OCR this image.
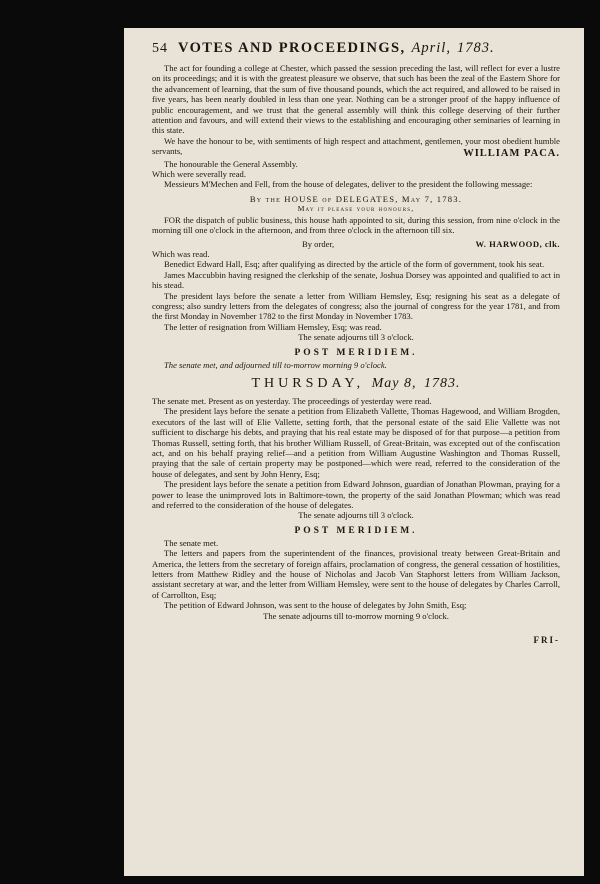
54 VOTES AND PROCEEDINGS, April, 1783.

The act for founding a college at Chester, which passed the session preceding the last, will reflect for ever a lustre on its proceedings; and it is with the greatest pleasure we observe, that such has been the zeal of the Eastern Shore for the advancement of learning, that the sum of five thousand pounds, which the act required, and allowed to be raised in five years, has been nearly doubled in less than one year. Nothing can be a stronger proof of the happy influence of public encouragement, and we trust that the general assembly will think this college deserving of their further attention and favours, and will extend their views to the establishing and encouraging other seminaries of learning in this state.

We have the honour to be, with sentiments of high respect and attachment, gentlemen, your most obedient humble servants,	WILLIAM PACA.

The honourable the General Assembly.

Which were severally read.

Messieurs M'Mechen and Fell, from the house of delegates, deliver to the president the following message:

By the HOUSE of DELEGATES, May 7, 1783.
May it please your honours,

FOR the dispatch of public business, this house hath appointed to sit, during this session, from nine o'clock in the morning till one o'clock in the afternoon, and from three o'clock in the afternoon till six.

By order,	W. HARWOOD, clk.

Which was read.

Benedict Edward Hall, Esq; after qualifying as directed by the article of the form of government, took his seat.

James Maccubbin having resigned the clerkship of the senate, Joshua Dorsey was appointed and qualified to act in his stead.

The president lays before the senate a letter from William Hemsley, Esq; resigning his seat as a delegate of congress; also sundry letters from the delegates of congress; also the journal of congress for the year 1781, and from the first Monday in November 1782 to the first Monday in November 1783.

The letter of resignation from William Hemsley, Esq; was read.

The senate adjourns till 3 o'clock.
POST MERIDIEM.

The senate met, and adjourned till to-morrow morning 9 o'clock.

THURSDAY, May 8, 1783.

The senate met. Present as on yesterday. The proceedings of yesterday were read.

The president lays before the senate a petition from Elizabeth Vallette, Thomas Hagewood, and William Brogden, executors of the last will of Elie Vallette, setting forth, that the personal estate of the said Elie Vallette was not sufficient to discharge his debts, and praying that his real estate may be disposed of for that purpose—a petition from Thomas Russell, setting forth, that his brother William Russell, of Great-Britain, was excepted out of the confiscation act, and on his behalf praying relief—and a petition from William Augustine Washington and Thomas Russell, praying that the sale of certain property may be postponed—which were read, referred to the consideration of the house of delegates, and sent by John Henry, Esq;

The president lays before the senate a petition from Edward Johnson, guardian of Jonathan Plowman, praying for a power to lease the unimproved lots in Baltimore-town, the property of the said Jonathan Plowman; which was read and referred to the consideration of the house of delegates.

The senate adjourns till 3 o'clock.
POST MERIDIEM.

The senate met.

The letters and papers from the superintendent of the finances, provisional treaty between Great-Britain and America, the letters from the secretary of foreign affairs, proclamation of congress, the general cessation of hostilities, letters from Matthew Ridley and the house of Nicholas and Jacob Van Staphorst letters from William Jackson, assistant secretary at war, and the letter from William Hemsley, were sent to the house of delegates by Charles Carroll, of Carrollton, Esq;

The petition of Edward Johnson, was sent to the house of delegates by John Smith, Esq;

The senate adjourns till to-morrow morning 9 o'clock.
FRI-
